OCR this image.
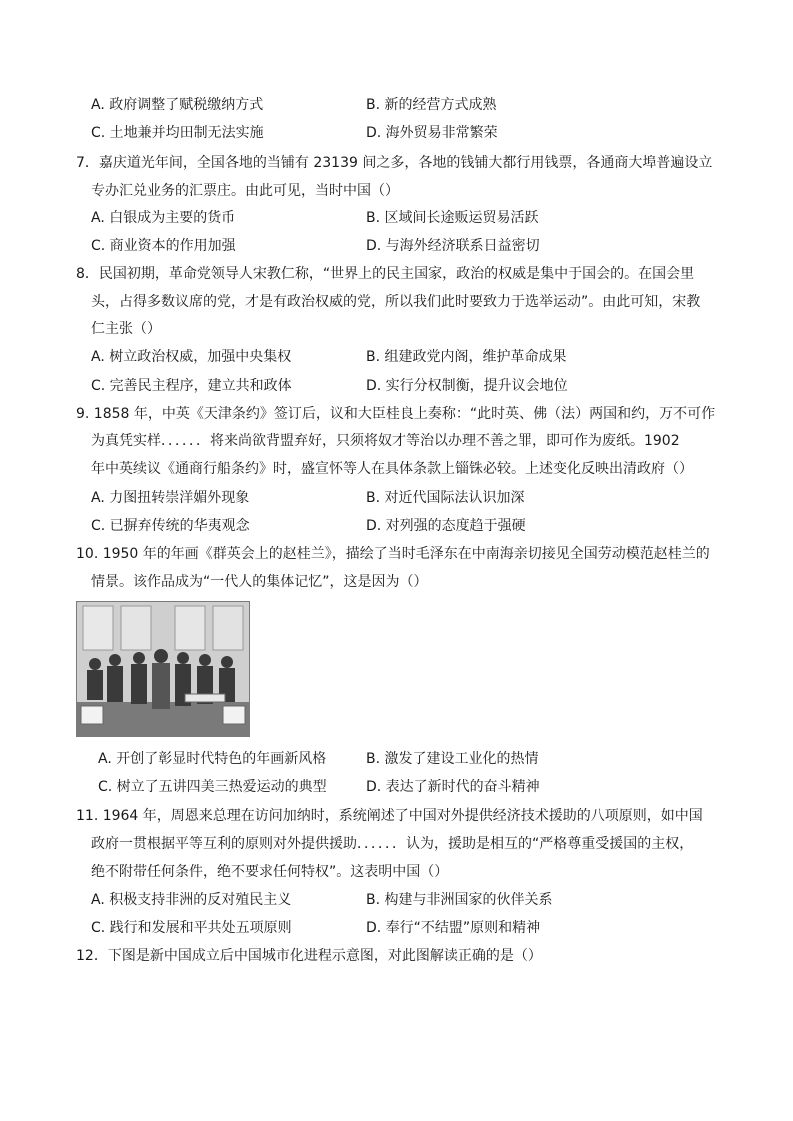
A. 政府调整了赋税缴纳方式	B. 新的经营方式成熟
C. 土地兼并均田制无法实施	D. 海外贸易非常繁荣
7．嘉庆道光年间，全国各地的当铺有 23139 间之多，各地的钱铺大都行用钱票，各通商大埠普遍设立
专办汇兑业务的汇票庄。由此可见，当时中国（）
A. 白银成为主要的货币	B. 区域间长途贩运贸易活跃
C. 商业资本的作用加强	D. 与海外经济联系日益密切
8．民国初期，革命党领导人宋教仁称，“世界上的民主国家，政治的权威是集中于国会的。在国会里
头，占得多数议席的党，才是有政治权威的党，所以我们此时要致力于选举运动”。由此可知，宋教
仁主张（）
A. 树立政治权威，加强中央集权	B. 组建政党内阁，维护革命成果
C. 完善民主程序，建立共和政体	D. 实行分权制衡，提升议会地位
9. 1858 年，中英《天津条约》签订后，议和大臣桂良上奏称：“此时英、佛（法）两国和约，万不可作
为真凭实样．．．．．．将来尚欲背盟弃好，只须将奴才等治以办理不善之罪，即可作为废纸。1902
年中英续议《通商行船条约》时，盛宣怀等人在具体条款上锱铢必较。上述变化反映出清政府（）
A. 力图扭转崇洋媚外现象	B. 对近代国际法认识加深
C. 已摒弃传统的华夷观念	D. 对列强的态度趋于强硬
10. 1950 年的年画《群英会上的赵桂兰》，描绘了当时毛泽东在中南海亲切接见全国劳动模范赵桂兰的
情景。该作品成为“一代人的集体记忆”，这是因为（）
A. 开创了彰显时代特色的年画新风格	B. 激发了建设工业化的热情
C. 树立了五讲四美三热爱运动的典型	D. 表达了新时代的奋斗精神
11. 1964 年，周恩来总理在访问加纳时，系统阐述了中国对外提供经济技术援助的八项原则，如中国
政府一贯根据平等互利的原则对外提供援助．．．．．．认为，援助是相互的“严格尊重受援国的主权，
绝不附带任何条件，绝不要求任何特权”。这表明中国（）
A. 积极支持非洲的反对殖民主义	B. 构建与非洲国家的伙伴关系
C. 践行和发展和平共处五项原则	D. 奉行“不结盟”原则和精神
12．下图是新中国成立后中国城市化进程示意图，对此图解读正确的是（）
